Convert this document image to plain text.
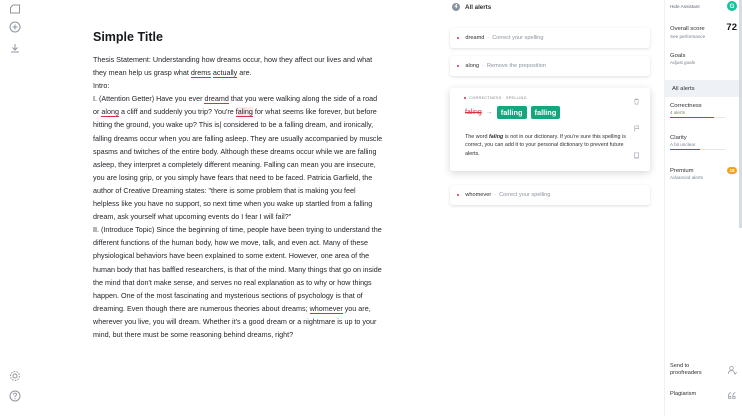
Simple Title
Thesis Statement: Understanding how dreams occur, how they affect our lives and what they mean help us grasp what drems actually are.
Intro:
I. (Attention Getter) Have you ever dreamd that you were walking along the side of a road or along a cliff and suddenly you trip? You're faling for what seems like forever, but before hitting the ground, you wake up? This is| considered to be a falling dream, and ironically, falling dreams occur when you are falling asleep. They are usually accompanied by muscle spasms and twitches of the entire body. Although these dreams occur while we are falling asleep, they interpret a completely different meaning. Falling can mean you are insecure, you are losing grip, or you simply have fears that need to be faced. Patricia Garfield, the author of Creative Dreaming states: "there is some problem that is making you feel helpless like you have no support, so next time when you wake up startled from a falling dream, ask yourself what upcoming events do I fear I will fail?"
II. (Introduce Topic) Since the beginning of time, people have been trying to understand the different functions of the human body, how we move, talk, and even act. Many of these physiological behaviors have been explained to some extent. However, one area of the human body that has baffled researchers, is that of the mind. Many things that go on inside the mind that don't make sense, and serves no real explanation as to why or how things happen. One of the most fascinating and mysterious sections of psychology is that of dreaming. Even though there are numerous theories about dreams; whomever you are, wherever you live, you will dream. Whether it's a good dream or a nightmare is up to your mind, but there must be some reasoning behind dreams, right?
4	All alerts
dreamd · Correct your spelling
along · Remove the preposition
CORRECTNESS · SPELLING
faling →	falling	falling
The word faling is not in our dictionary. If you're sure this spelling is correct, you can add it to your personal dictionary to prevent future alerts.
whomever · Correct your spelling
Hide Assistant	G
Overall score 72
See performance
Goals
Adjust goals
All alerts
Correctness
4 alerts
Clarity
A bit unclear
Premium	18
Advanced alerts
Send to proofreaders
Plagiarism
